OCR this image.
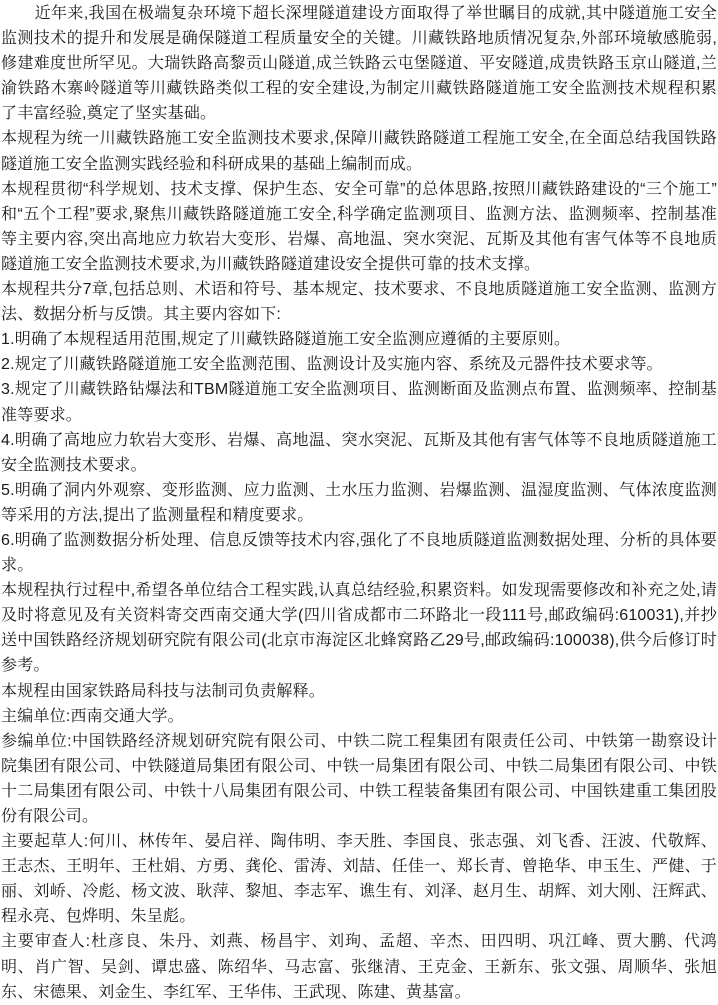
近年来,我国在极端复杂环境下超长深埋隧道建设方面取得了举世瞩目的成就,其中隧道施工安全监测技术的提升和发展是确保隧道工程质量安全的关键。川藏铁路地质情况复杂,外部环境敏感脆弱,修建难度世所罕见。大瑞铁路高黎贡山隧道,成兰铁路云屯堡隧道、平安隧道,成贵铁路玉京山隧道,兰渝铁路木寨岭隧道等川藏铁路类似工程的安全建设,为制定川藏铁路隧道施工安全监测技术规程积累了丰富经验,奠定了坚实基础。

本规程为统一川藏铁路施工安全监测技术要求,保障川藏铁路隧道工程施工安全,在全面总结我国铁路隧道施工安全监测实践经验和科研成果的基础上编制而成。

本规程贯彻“科学规划、技术支撑、保护生态、安全可靠”的总体思路,按照川藏铁路建设的“三个施工”和“五个工程”要求,聚焦川藏铁路隧道施工安全,科学确定监测项目、监测方法、监测频率、控制基准等主要内容,突出高地应力软岩大变形、岩爆、高地温、突水突泥、瓦斯及其他有害气体等不良地质隧道施工安全监测技术要求,为川藏铁路隧道建设安全提供可靠的技术支撑。

本规程共分7章,包括总则、术语和符号、基本规定、技术要求、不良地质隧道施工安全监测、监测方法、数据分析与反馈。其主要内容如下:

1.明确了本规程适用范围,规定了川藏铁路隧道施工安全监测应遵循的主要原则。

2.规定了川藏铁路隧道施工安全监测范围、监测设计及实施内容、系统及元器件技术要求等。

3.规定了川藏铁路钻爆法和TBM隧道施工安全监测项目、监测断面及监测点布置、监测频率、控制基准等要求。

4.明确了高地应力软岩大变形、岩爆、高地温、突水突泥、瓦斯及其他有害气体等不良地质隧道施工安全监测技术要求。

5.明确了洞内外观察、变形监测、应力监测、土水压力监测、岩爆监测、温湿度监测、气体浓度监测等采用的方法,提出了监测量程和精度要求。

6.明确了监测数据分析处理、信息反馈等技术内容,强化了不良地质隧道监测数据处理、分析的具体要求。

本规程执行过程中,希望各单位结合工程实践,认真总结经验,积累资料。如发现需要修改和补充之处,请及时将意见及有关资料寄交西南交通大学(四川省成都市二环路北一段111号,邮政编码:610031),并抄送中国铁路经济规划研究院有限公司(北京市海淀区北蜂窝路乙29号,邮政编码:100038),供今后修订时参考。

本规程由国家铁路局科技与法制司负责解释。

主编单位:西南交通大学。

参编单位:中国铁路经济规划研究院有限公司、中铁二院工程集团有限责任公司、中铁第一勘察设计院集团有限公司、中铁隧道局集团有限公司、中铁一局集团有限公司、中铁二局集团有限公司、中铁十二局集团有限公司、中铁十八局集团有限公司、中铁工程装备集团有限公司、中国铁建重工集团股份有限公司。

主要起草人:何川、林传年、晏启祥、陶伟明、李天胜、李国良、张志强、刘飞香、汪波、代敬辉、王志杰、王明年、王杜娟、方勇、龚伦、雷涛、刘喆、任佳一、郑长青、曾艳华、申玉生、严健、于丽、刘峤、冷彪、杨文波、耿萍、黎旭、李志军、谯生有、刘泽、赵月生、胡辉、刘大刚、汪辉武、程永亮、包烨明、朱呈彪。

主要审查人:杜彦良、朱丹、刘燕、杨昌宇、刘珣、孟超、辛杰、田四明、巩江峰、贾大鹏、代鸿明、肖广智、吴剑、谭忠盛、陈绍华、马志富、张继清、王克金、王新东、张文强、周顺华、张旭东、宋德果、刘金生、李红军、王华伟、王武现、陈建、黄基富。
